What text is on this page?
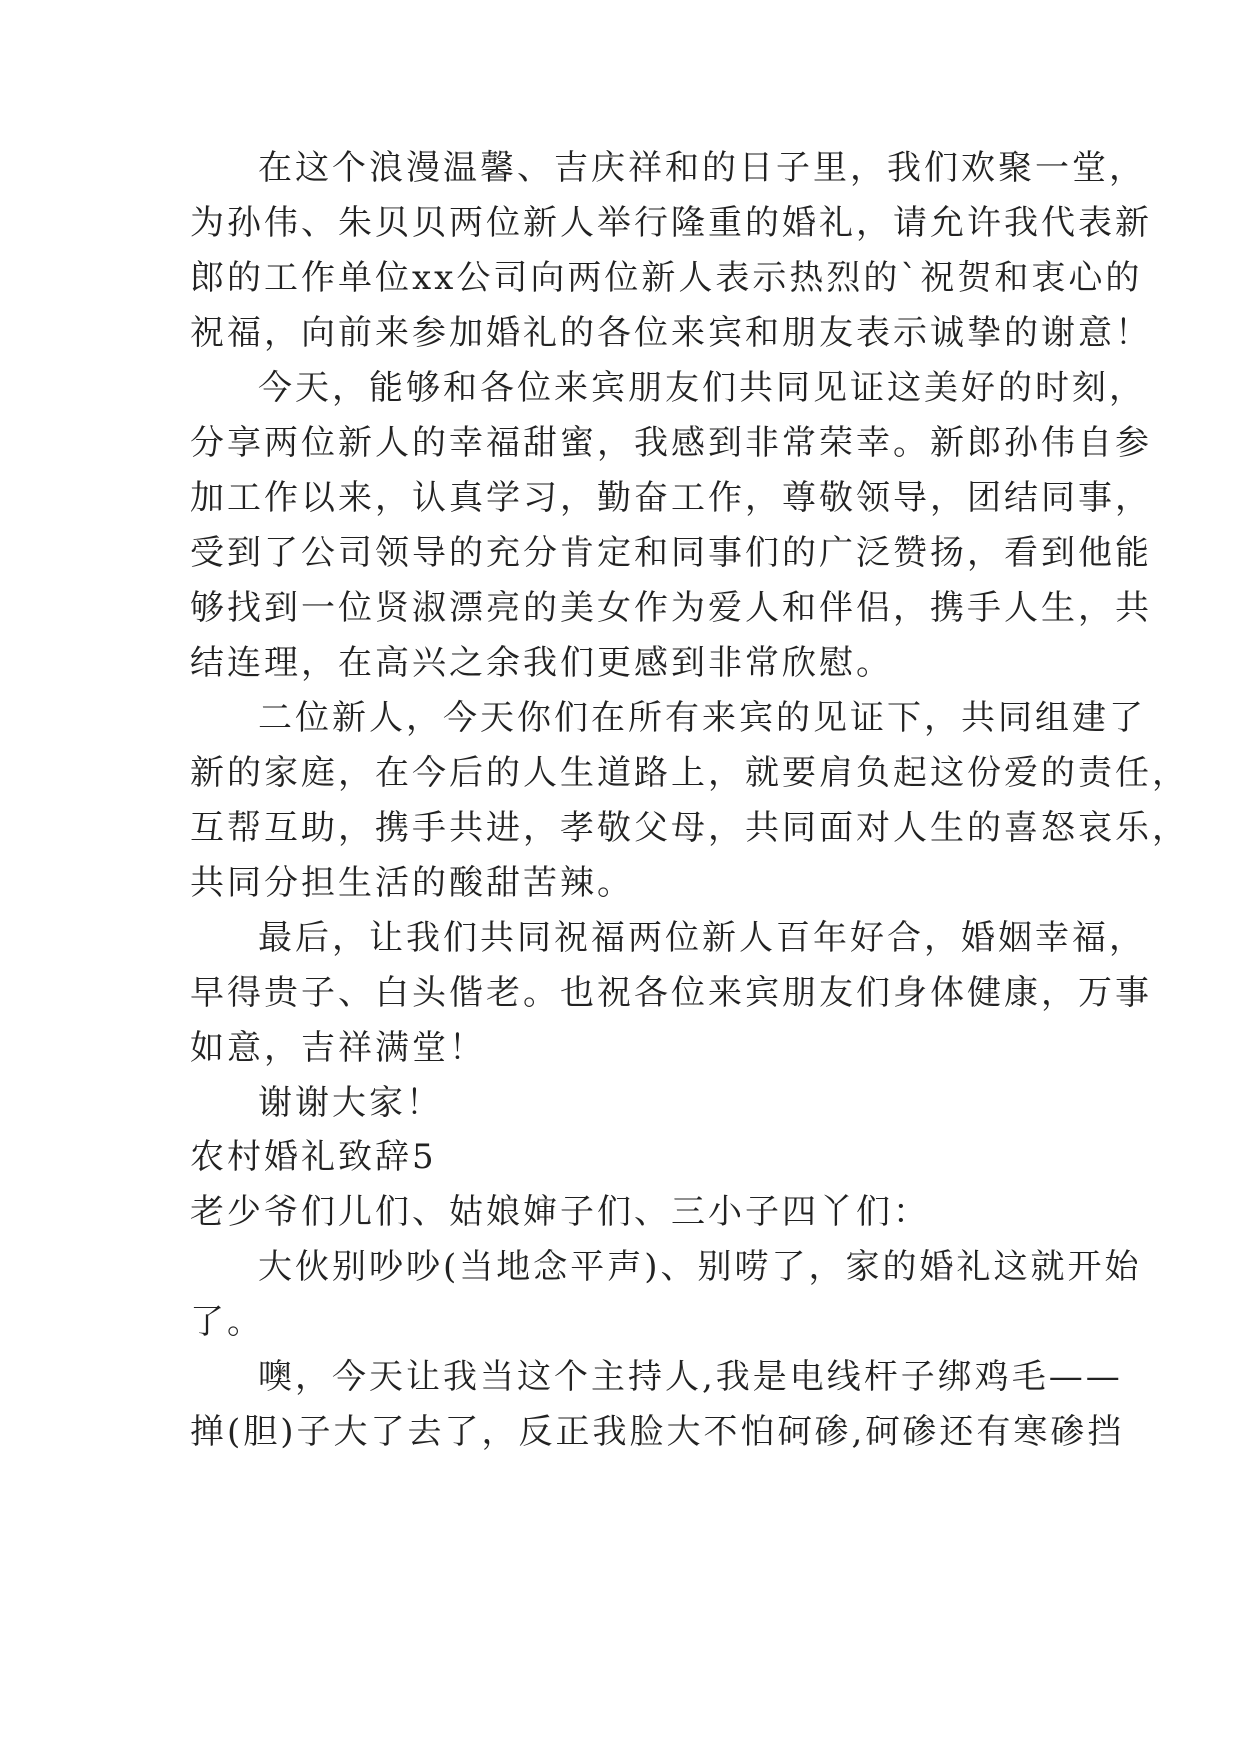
在这个浪漫温馨、吉庆祥和的日子里，我们欢聚一堂，
为孙伟、朱贝贝两位新人举行隆重的婚礼，请允许我代表新
郎的工作单位xx公司向两位新人表示热烈的`祝贺和衷心的
祝福，向前来参加婚礼的各位来宾和朋友表示诚挚的谢意！
今天，能够和各位来宾朋友们共同见证这美好的时刻，
分享两位新人的幸福甜蜜，我感到非常荣幸。新郎孙伟自参
加工作以来，认真学习，勤奋工作，尊敬领导，团结同事，
受到了公司领导的充分肯定和同事们的广泛赞扬，看到他能
够找到一位贤淑漂亮的美女作为爱人和伴侣，携手人生，共
结连理，在高兴之余我们更感到非常欣慰。
二位新人，今天你们在所有来宾的见证下，共同组建了
新的家庭，在今后的人生道路上，就要肩负起这份爱的责任，
互帮互助，携手共进，孝敬父母，共同面对人生的喜怒哀乐，
共同分担生活的酸甜苦辣。
最后，让我们共同祝福两位新人百年好合，婚姻幸福，
早得贵子、白头偕老。也祝各位来宾朋友们身体健康，万事
如意，吉祥满堂！
谢谢大家！
农村婚礼致辞5
老少爷们儿们、姑娘婶子们、三小子四丫们：
大伙别吵吵(当地念平声)、别唠了，家的婚礼这就开始
了。
噢，今天让我当这个主持人,我是电线杆子绑鸡毛——
掸(胆)子大了去了，反正我脸大不怕砢碜,砢碜还有寒碜挡
